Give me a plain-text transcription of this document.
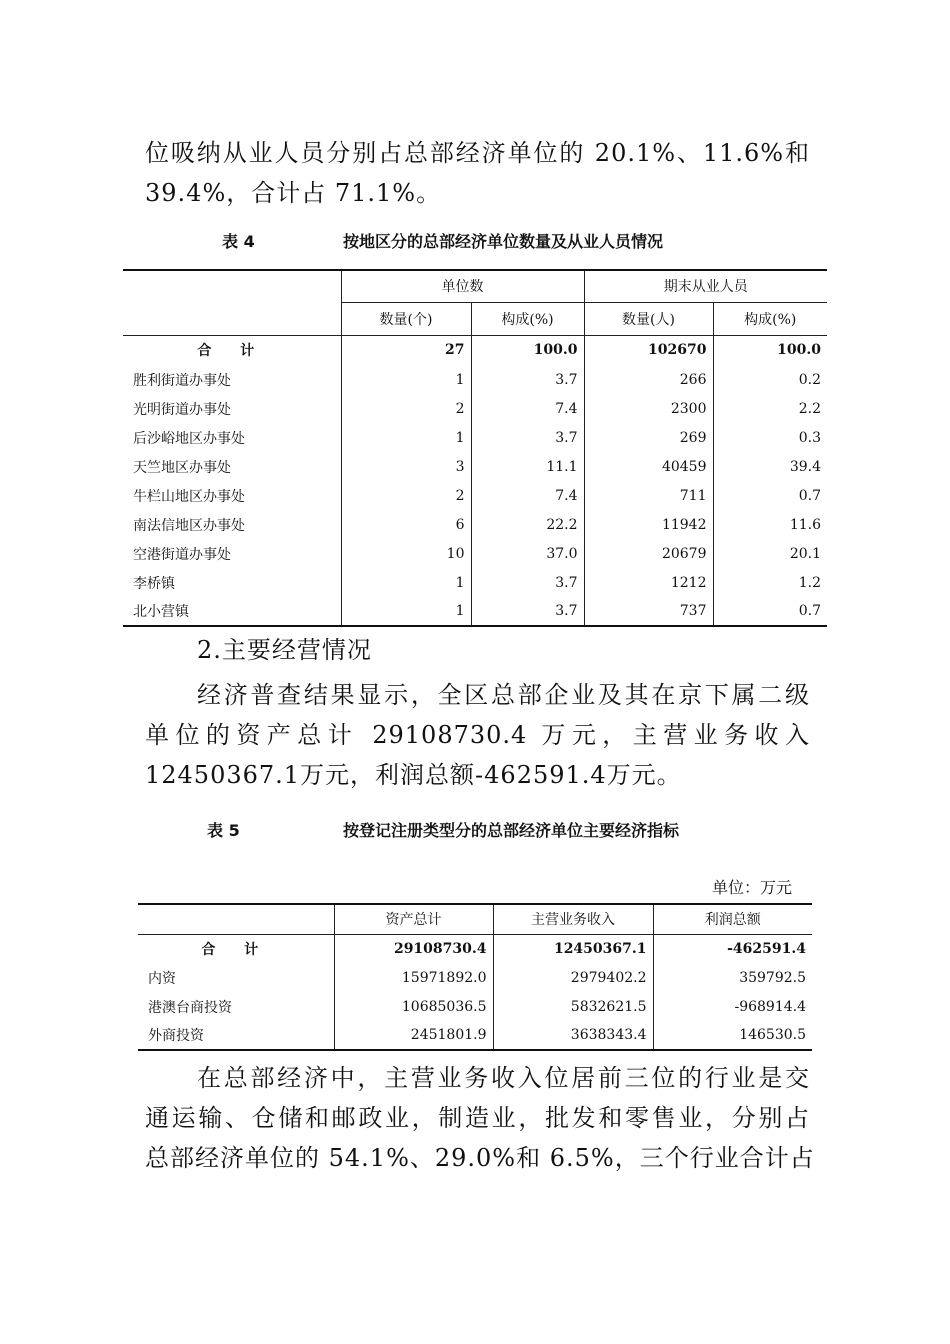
位吸纳从业人员分别占总部经济单位的 20.1%、11.6%和
39.4%，合计占 71.1%。
表 4	按地区分的总部经济单位数量及从业人员情况
	单位数		期末从业人员	
	数量(个)	构成(%)	数量(人)	构成(%)
合 计	27	100.0	102670	100.0
胜利街道办事处	1	3.7	266	0.2
光明街道办事处	2	7.4	2300	2.2
后沙峪地区办事处	1	3.7	269	0.3
天竺地区办事处	3	11.1	40459	39.4
牛栏山地区办事处	2	7.4	711	0.7
南法信地区办事处	6	22.2	11942	11.6
空港街道办事处	10	37.0	20679	20.1
李桥镇	1	3.7	1212	1.2
北小营镇	1	3.7	737	0.7
2.主要经营情况
经济普查结果显示，全区总部企业及其在京下属二级
单位的资产总计 29108730.4 万元，主营业务收入
12450367.1万元，利润总额-462591.4万元。
表 5	按登记注册类型分的总部经济单位主要经济指标
单位：万元
	资产总计	主营业务收入	利润总额
合 计	29108730.4	12450367.1	-462591.4
内资	15971892.0	2979402.2	359792.5
港澳台商投资	10685036.5	5832621.5	-968914.4
外商投资	2451801.9	3638343.4	146530.5
在总部经济中，主营业务收入位居前三位的行业是交
通运输、仓储和邮政业，制造业，批发和零售业，分别占
总部经济单位的 54.1%、29.0%和 6.5%，三个行业合计占
